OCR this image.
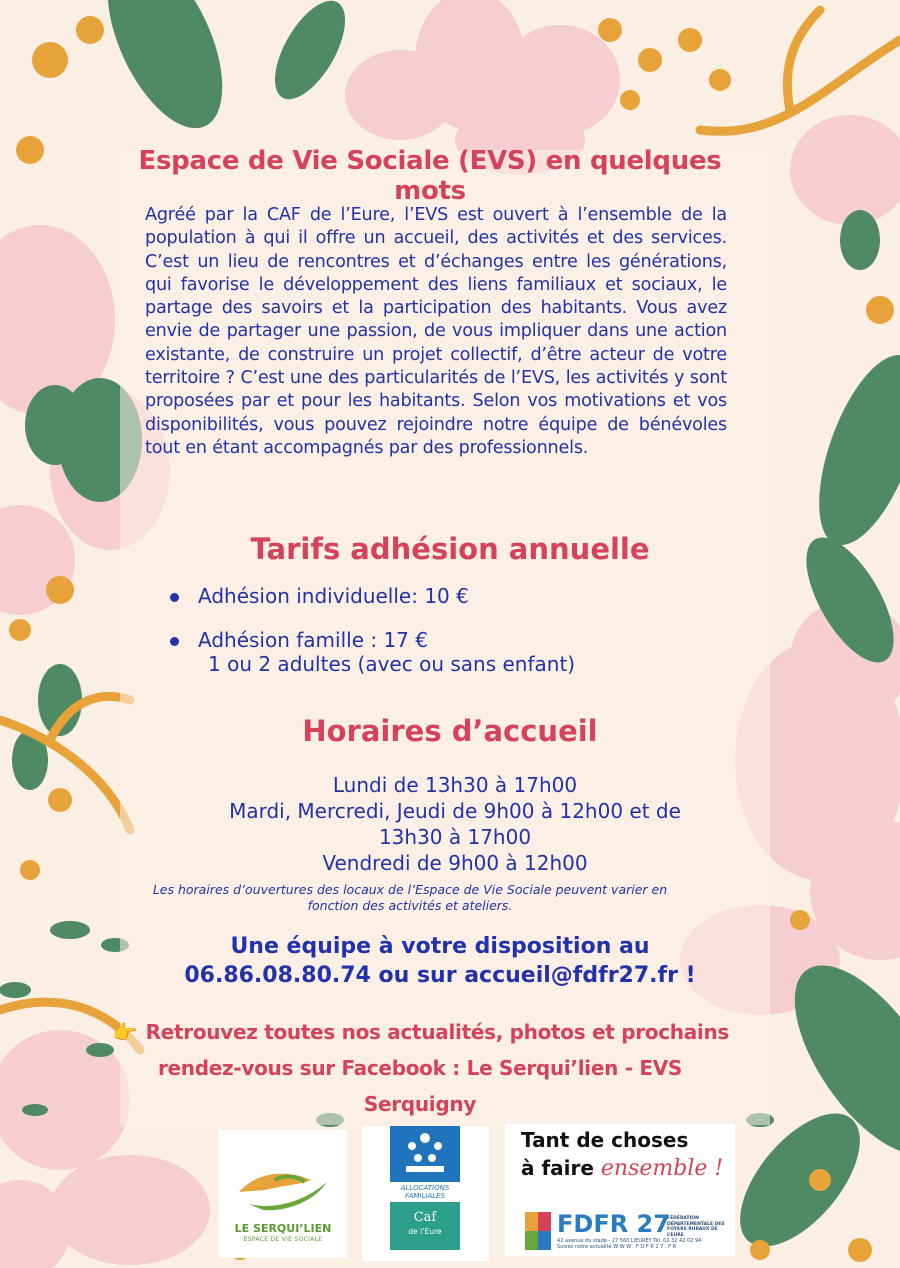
Espace de Vie Sociale (EVS) en quelques mots
Agréé par la CAF de l’Eure, l’EVS est ouvert à l’ensemble de la population à qui il offre un accueil, des activités et des services. C’est un lieu de rencontres et d’échanges entre les générations, qui favorise le développement des liens familiaux et sociaux, le partage des savoirs et la participation des habitants. Vous avez envie de partager une passion, de vous impliquer dans une action existante, de construire un projet collectif, d’être acteur de votre territoire ? C’est une des particularités de l’EVS, les activités y sont proposées par et pour les habitants. Selon vos motivations et vos disponibilités, vous pouvez rejoindre notre équipe de bénévoles tout en étant accompagnés par des professionnels.
Tarifs adhésion annuelle
Adhésion individuelle: 10 €
Adhésion famille : 17 €
1 ou 2 adultes (avec ou sans enfant)
Horaires d’accueil
Lundi de 13h30 à 17h00
Mardi, Mercredi, Jeudi de 9h00 à 12h00 et de
13h30 à 17h00
Vendredi de 9h00 à 12h00
Les horaires d’ouvertures des locaux de l’Espace de Vie Sociale peuvent varier en fonction des activités et ateliers.
Une équipe à votre disposition au
06.86.08.80.74 ou sur accueil@fdfr27.fr !
👉 Retrouvez toutes nos actualités, photos et prochains
rendez-vous sur Facebook : Le Serqui’lien - EVS Serquigny
LE SERQUI’LIEN
ESPACE DE VIE SOCIALE
ALLOCATIONS
FAMILIALES
Caf
de l’Eure
Tant de choses
à faire ensemble !
FDFR 27
FÉDÉRATION DÉPARTEMENTALE DES FOYERS RURAUX DE L’EURE
42 avenue du stade - 27 560 LIEUREY Tél. 02 32 42 02 94
Suivez notre actualité W W W . F D F R 2 7 . F R
